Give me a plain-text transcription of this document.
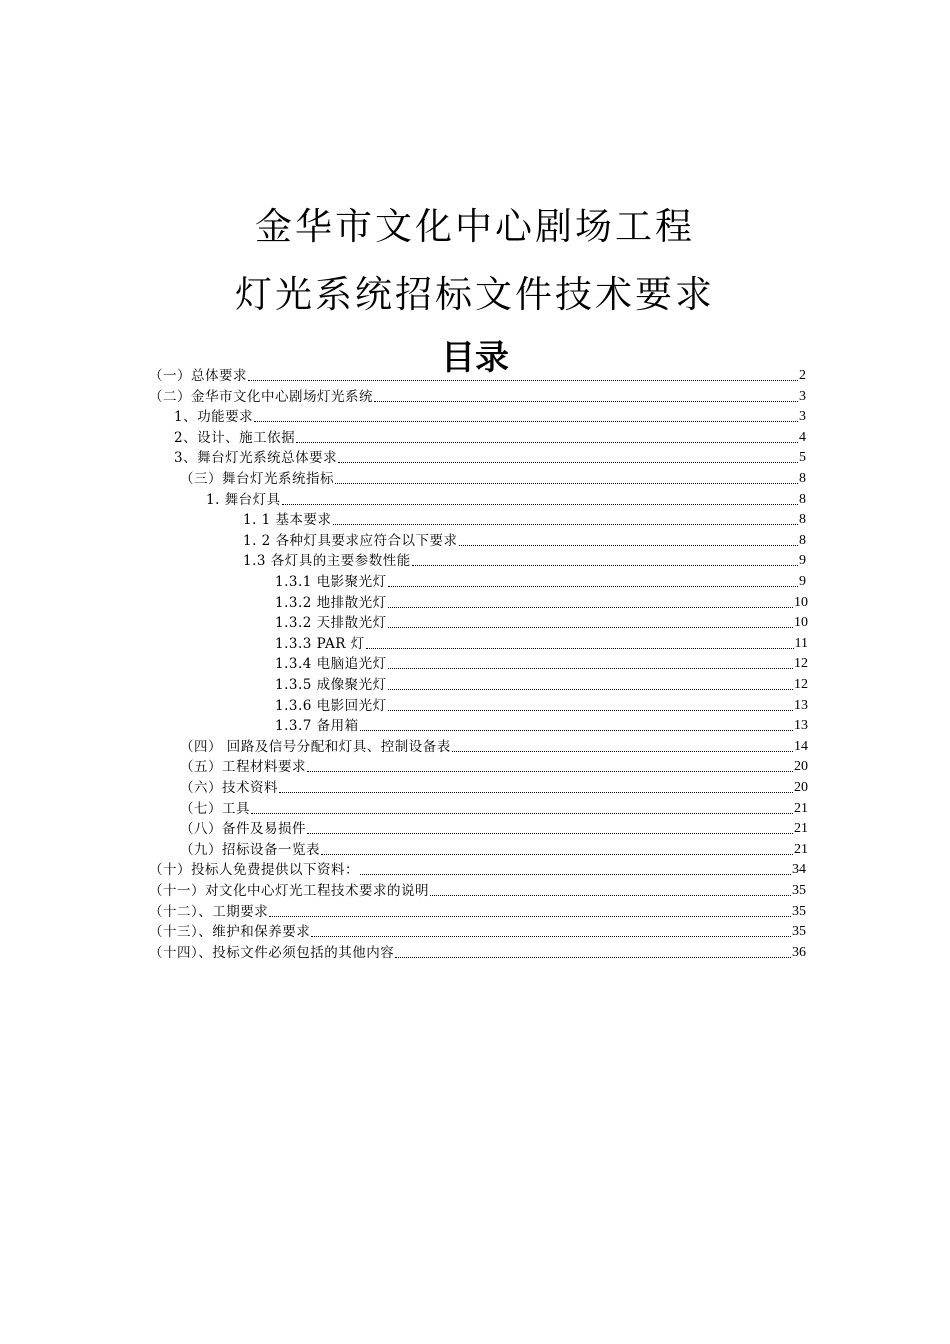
金华市文化中心剧场工程
灯光系统招标文件技术要求
目录
（一）总体要求	2
（二）金华市文化中心剧场灯光系统	3
1、功能要求	3
2、设计、施工依据	4
3、舞台灯光系统总体要求	5
（三）舞台灯光系统指标	8
1. 舞台灯具	8
1. 1 基本要求	8
1. 2 各种灯具要求应符合以下要求	8
1.3 各灯具的主要参数性能	9
1.3.1 电影聚光灯	9
1.3.2 地排散光灯	10
1.3.2 天排散光灯	10
1.3.3 PAR 灯	11
1.3.4 电脑追光灯	12
1.3.5 成像聚光灯	12
1.3.6 电影回光灯	13
1.3.7 备用箱	13
（四） 回路及信号分配和灯具、控制设备表	14
（五）工程材料要求	20
（六）技术资料	20
（七）工具	21
（八）备件及易损件	21
（九）招标设备一览表	21
（十）投标人免费提供以下资料：	34
（十一）对文化中心灯光工程技术要求的说明	35
（十二）、工期要求	35
（十三）、维护和保养要求	35
（十四）、投标文件必须包括的其他内容	36
